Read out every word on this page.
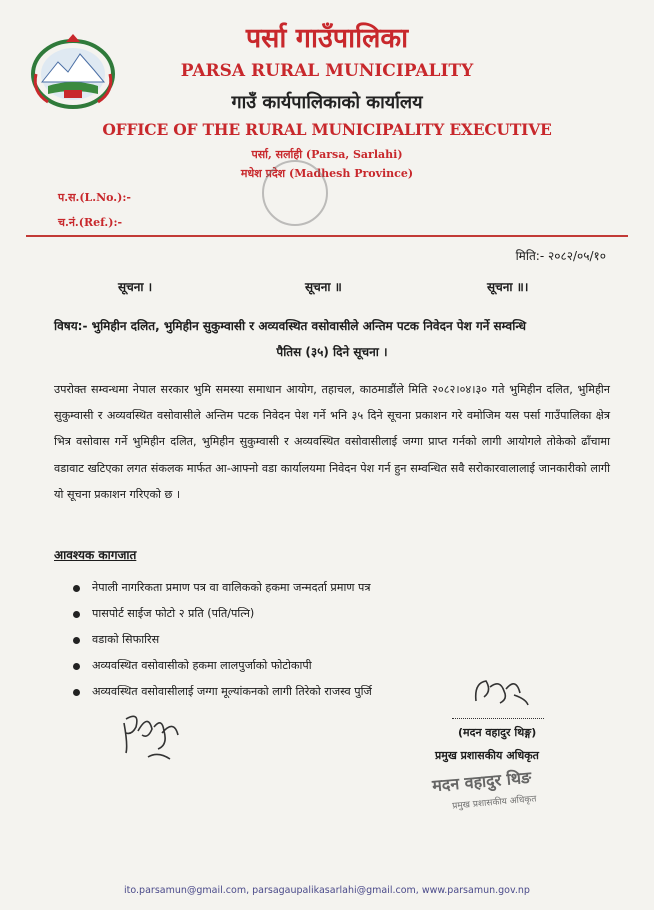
पर्सा गाउँपालिका
PARSA RURAL MUNICIPALITY
गाउँ कार्यपालिकाको कार्यालय
OFFICE OF THE RURAL MUNICIPALITY EXECUTIVE
पर्सा, सर्लाही (Parsa, Sarlahi)
मधेश प्रदेश (Madhesh Province)
प.स.(L.No.):-
च.नं.(Ref.):-
मिति:- २०८२/०५/१०
सूचना ।	सूचना ॥	सूचना ॥।
विषय:- भुमिहीन दलित, भुमिहीन सुकुम्वासी र अव्यवस्थित वसोवासीले अन्तिम पटक निवेदन पेश गर्ने सम्वन्धि
पैतिस (३५) दिने सूचना ।
उपरोक्त सम्वन्धमा नेपाल सरकार भुमि समस्या समाधान आयोग, तहाचल, काठमाडौंले मिति २०८२।०४।३० गते भुमिहीन दलित, भुमिहीन सुकुम्वासी र अव्यवस्थित वसोवासीले अन्तिम पटक निवेदन पेश गर्ने भनि ३५ दिने सूचना प्रकाशन गरे वमोजिम यस पर्सा गाउँपालिका क्षेत्र भित्र वसोवास गर्ने भुमिहीन दलित, भुमिहीन सुकुम्वासी र अव्यवस्थित वसोवासीलाई जग्गा प्राप्त गर्नको लागी आयोगले तोकेको ढाँचामा वडावाट खटिएका लगत संकलक मार्फत आ-आफ्नो वडा कार्यालयमा निवेदन पेश गर्न हुन सम्वन्धित सवै सरोकारवालालाई जानकारीको लागी यो सूचना प्रकाशन गरिएको छ ।
आवश्यक कागजात
नेपाली नागरिकता प्रमाण पत्र वा वालिकको हकमा जन्मदर्ता प्रमाण पत्र
पासपोर्ट साईज फोटो २ प्रति (पति/पत्नि)
वडाको सिफारिस
अव्यवस्थित वसोवासीको हकमा लालपुर्जाको फोटोकापी
अव्यवस्थित वसोवासीलाई जग्गा मूल्यांकनको लागी तिरेको राजस्व पुर्जि
(मदन वहादुर थिङ्ग)
प्रमुख प्रशासकीय अधिकृत
मदन वहादुर थिङ
प्रमुख प्रशासकीय अधिकृत
ito.parsamun@gmail.com, parsagaupalikasarlahi@gmail.com, www.parsamun.gov.np
